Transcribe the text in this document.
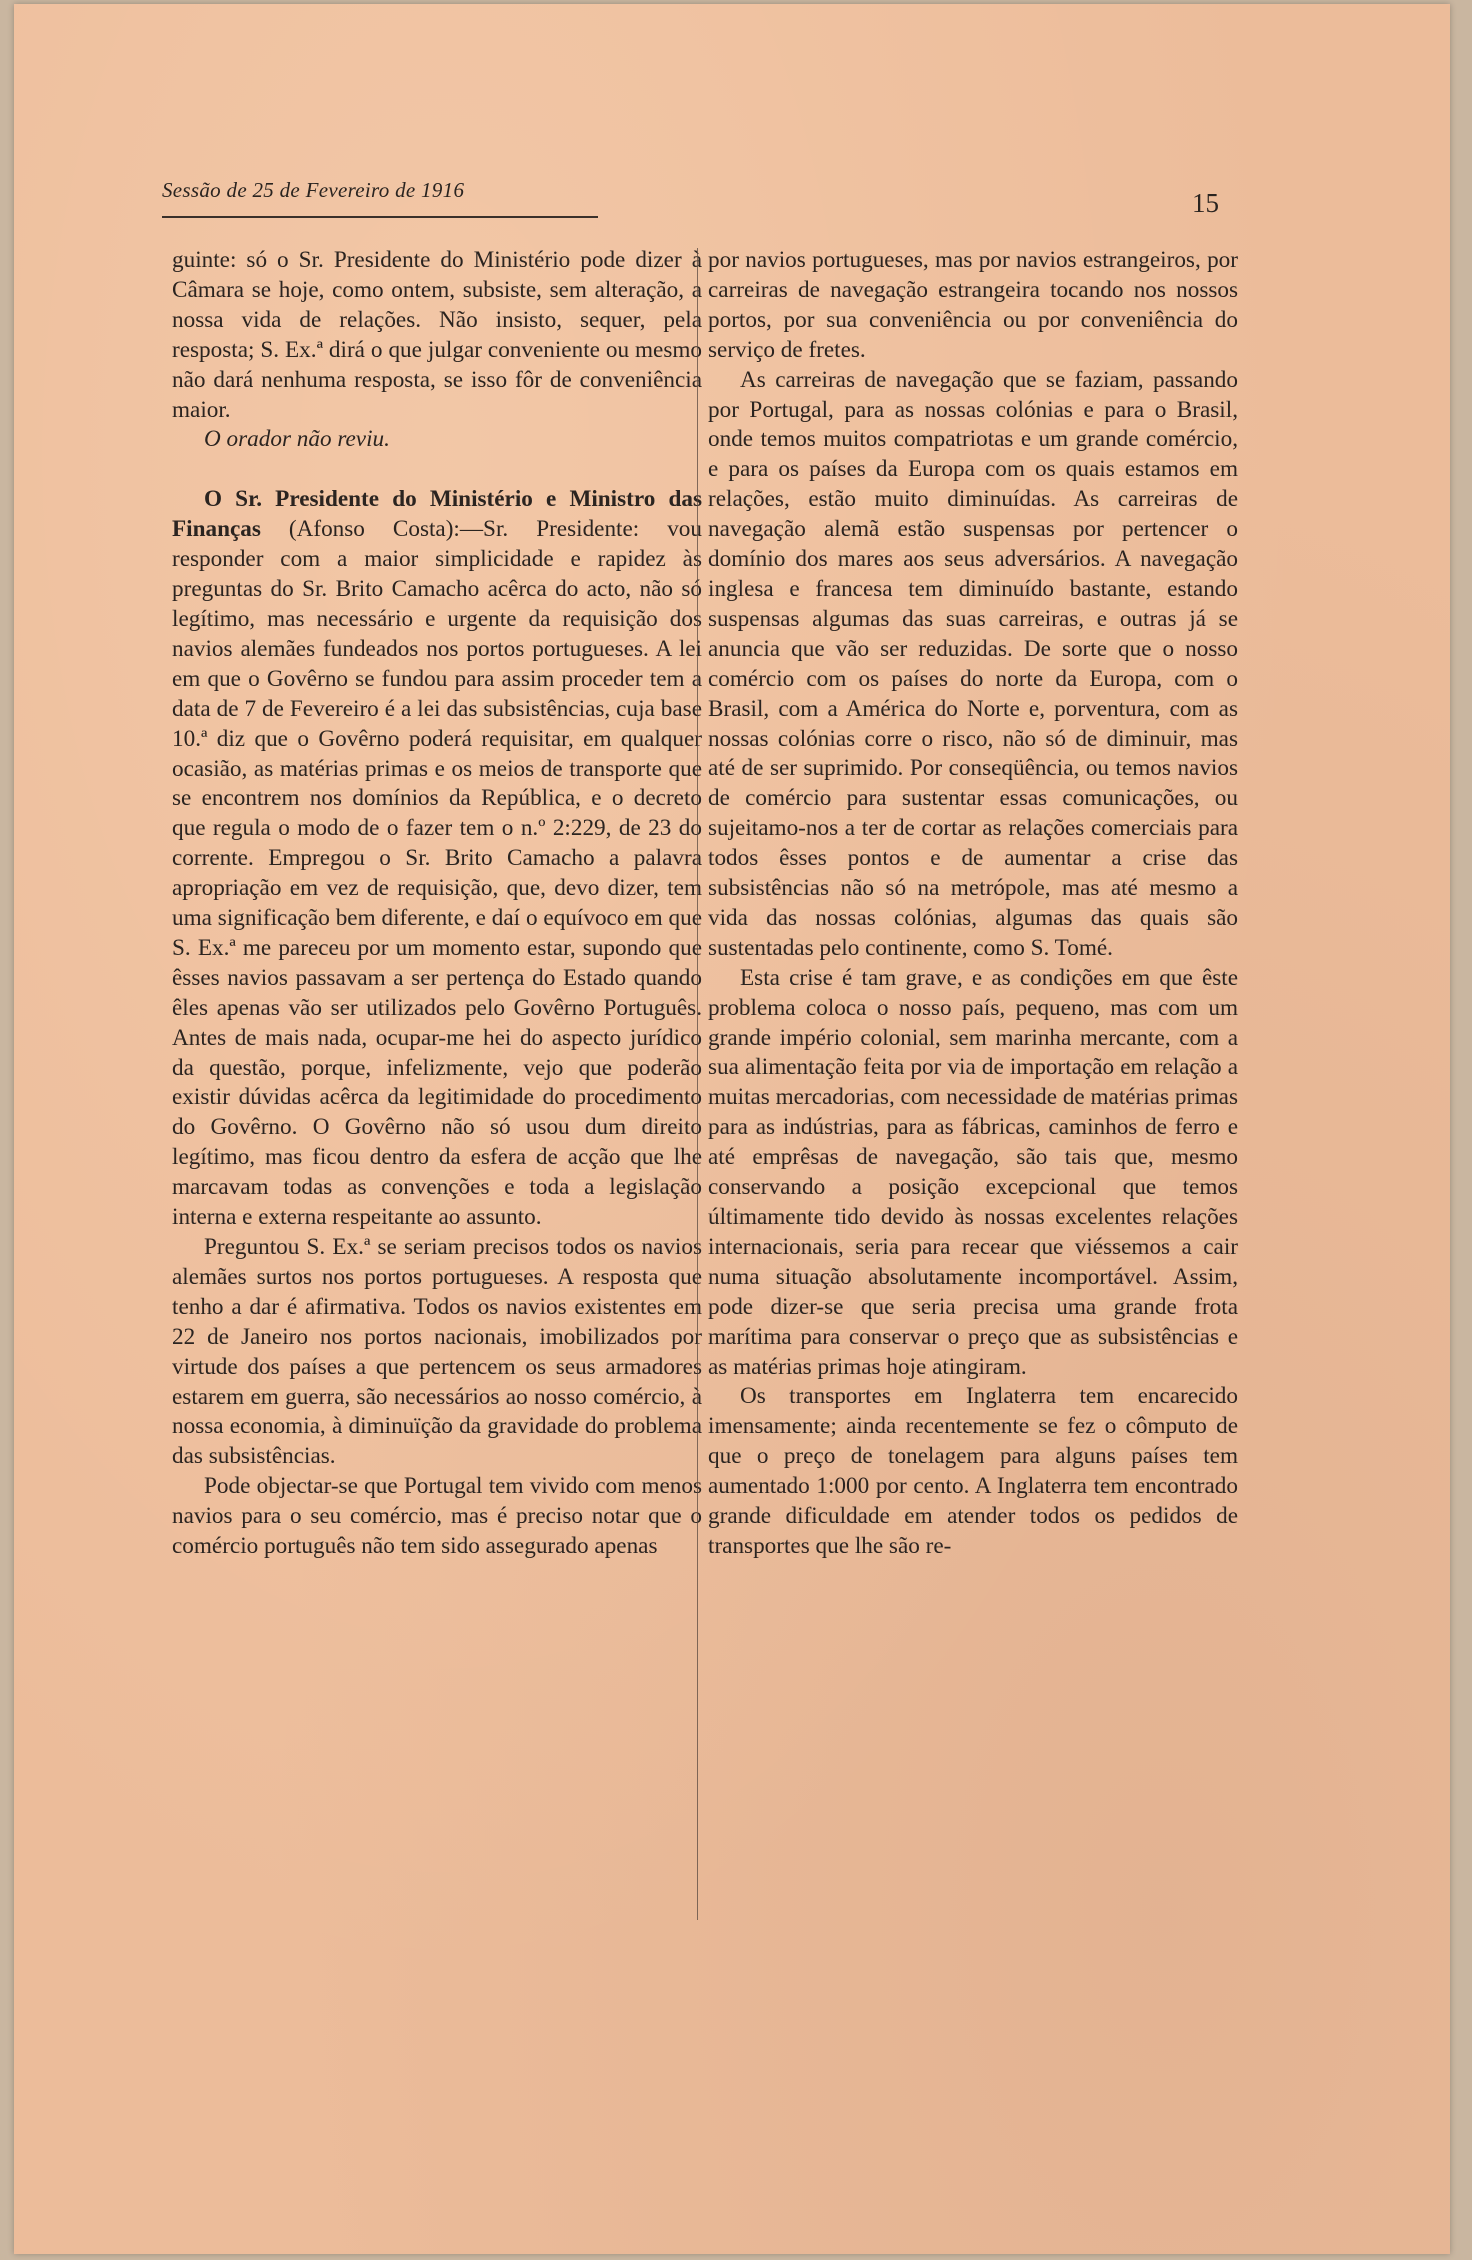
Sessão de 25 de Fevereiro de 1916	15

guinte: só o Sr. Presidente do Ministério pode dizer à Câmara se hoje, como ontem, subsiste, sem alteração, a nossa vida de relações. Não insisto, sequer, pela resposta; S. Ex.ª dirá o que julgar conveniente ou mesmo não dará nenhuma resposta, se isso fôr de conveniência maior.

O orador não reviu.

O Sr. Presidente do Ministério e Ministro das Finanças (Afonso Costa):—Sr. Presidente: vou responder com a maior simplicidade e rapidez às preguntas do Sr. Brito Camacho acêrca do acto, não só legítimo, mas necessário e urgente da requisição dos navios alemães fundeados nos portos portugueses. A lei em que o Govêrno se fundou para assim proceder tem a data de 7 de Fevereiro é a lei das subsistências, cuja base 10.ª diz que o Govêrno poderá requisitar, em qualquer ocasião, as matérias primas e os meios de transporte que se encontrem nos domínios da República, e o decreto que regula o modo de o fazer tem o n.º 2:229, de 23 do corrente. Empregou o Sr. Brito Camacho a palavra apropriação em vez de requisição, que, devo dizer, tem uma significação bem diferente, e daí o equívoco em que S. Ex.ª me pareceu por um momento estar, supondo que êsses navios passavam a ser pertença do Estado quando êles apenas vão ser utilizados pelo Govêrno Português. Antes de mais nada, ocupar-me hei do aspecto jurídico da questão, porque, infelizmente, vejo que poderão existir dúvidas acêrca da legitimidade do procedimento do Govêrno. O Govêrno não só usou dum direito legítimo, mas ficou dentro da esfera de acção que lhe marcavam todas as convenções e toda a legislação interna e externa respeitante ao assunto.

Preguntou S. Ex.ª se seriam precisos todos os navios alemães surtos nos portos portugueses. A resposta que tenho a dar é afirmativa. Todos os navios existentes em 22 de Janeiro nos portos nacionais, imobilizados por virtude dos países a que pertencem os seus armadores estarem em guerra, são necessários ao nosso comércio, à nossa economia, à diminuïção da gravidade do problema das subsistências.

Pode objectar-se que Portugal tem vivido com menos navios para o seu comércio, mas é preciso notar que o comércio português não tem sido assegurado apenas

por navios portugueses, mas por navios estrangeiros, por carreiras de navegação estrangeira tocando nos nossos portos, por sua conveniência ou por conveniência do serviço de fretes.

As carreiras de navegação que se faziam, passando por Portugal, para as nossas colónias e para o Brasil, onde temos muitos compatriotas e um grande comércio, e para os países da Europa com os quais estamos em relações, estão muito diminuídas. As carreiras de navegação alemã estão suspensas por pertencer o domínio dos mares aos seus adversários. A navegação inglesa e francesa tem diminuído bastante, estando suspensas algumas das suas carreiras, e outras já se anuncia que vão ser reduzidas. De sorte que o nosso comércio com os países do norte da Europa, com o Brasil, com a América do Norte e, porventura, com as nossas colónias corre o risco, não só de diminuir, mas até de ser suprimido. Por conseqüência, ou temos navios de comércio para sustentar essas comunicações, ou sujeitamo-nos a ter de cortar as relações comerciais para todos êsses pontos e de aumentar a crise das subsistências não só na metrópole, mas até mesmo a vida das nossas colónias, algumas das quais são sustentadas pelo continente, como S. Tomé.

Esta crise é tam grave, e as condições em que êste problema coloca o nosso país, pequeno, mas com um grande império colonial, sem marinha mercante, com a sua alimentação feita por via de importação em relação a muitas mercadorias, com necessidade de matérias primas para as indústrias, para as fábricas, caminhos de ferro e até emprêsas de navegação, são tais que, mesmo conservando a posição excepcional que temos últimamente tido devido às nossas excelentes relações internacionais, seria para recear que viéssemos a cair numa situação absolutamente incomportável. Assim, pode dizer-se que seria precisa uma grande frota marítima para conservar o preço que as subsistências e as matérias primas hoje atingiram.

Os transportes em Inglaterra tem encarecido imensamente; ainda recentemente se fez o cômputo de que o preço de tonelagem para alguns países tem aumentado 1:000 por cento. A Inglaterra tem encontrado grande dificuldade em atender todos os pedidos de transportes que lhe são re-
